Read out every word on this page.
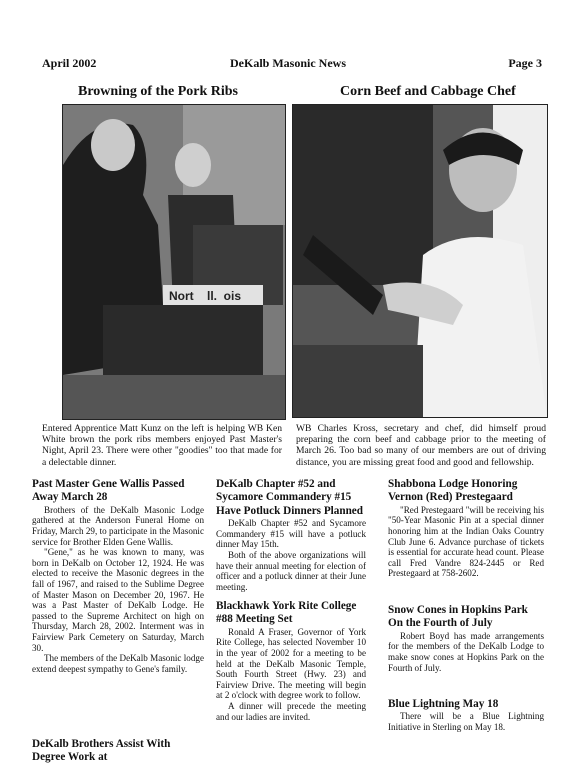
April 2002	DeKalb Masonic News	Page 3
Browning of the Pork Ribs	Corn Beef and Cabbage Chef
Nort    ll.  ois
Entered Apprentice Matt Kunz on the left is helping WB Ken White brown the pork ribs members enjoyed Past Master's Night, April 23. There were other "goodies" too that made for a delectable dinner.
WB Charles Kross, secretary and chef, did himself proud preparing the corn beef and cabbage prior to the meeting of March 26. Too bad so many of our members are out of driving distance, you are missing great food and good and fellowship.
Past Master Gene Wallis Passed Away March 28

Brothers of the DeKalb Masonic Lodge gathered at the Anderson Funeral Home on Friday, March 29, to participate in the Masonic service for Brother Elden Gene Wallis.

"Gene," as he was known to many, was born in DeKalb on October 12, 1924. He was elected to receive the Masonic degrees in the fall of 1967, and raised to the Sublime Degree of Master Mason on December 20, 1967. He was a Past Master of DeKalb Lodge. He passed to the Supreme Architect on high on Thursday, March 28, 2002. Interment was in Fairview Park Cemetery on Saturday, March 30.

The members of the DeKalb Masonic lodge extend deepest sympathy to Gene's family.

DeKalb Brothers Assist With Degree Work at
DeKalb Chapter #52 and Sycamore Commandery #15 Have Potluck Dinners Planned

DeKalb Chapter #52 and Sycamore Commandery #15 will have a potluck dinner May 15th.

Both of the above organizations will have their annual meeting for election of officer and a potluck dinner at their June meeting.

Blackhawk York Rite College #88 Meeting Set

Ronald A Fraser, Governor of York Rite College, has selected November 10 in the year of 2002 for a meeting to be held at the DeKalb Masonic Temple, South Fourth Street (Hwy. 23) and Fairview Drive. The meeting will begin at 2 o'clock with degree work to follow.

A dinner will precede the meeting and our ladies are invited.

Shabbona Lodge Honoring Vernon (Red) Prestegaard

"Red Prestegaard "will be receiving his "50-Year Masonic Pin at a special dinner honoring him at the Indian Oaks Country Club June 6. Advance purchase of tickets is essential for accurate head count. Please call Fred Vandre 824-2445 or Red Prestegaard at 758-2602.

Snow Cones in Hopkins Park On the Fourth of July

Robert Boyd has made arrangements for the members of the DeKalb Lodge to make snow cones at Hopkins Park on the Fourth of July.

Blue Lightning May 18

There will be a Blue Lightning Initiative in Sterling on May 18.
